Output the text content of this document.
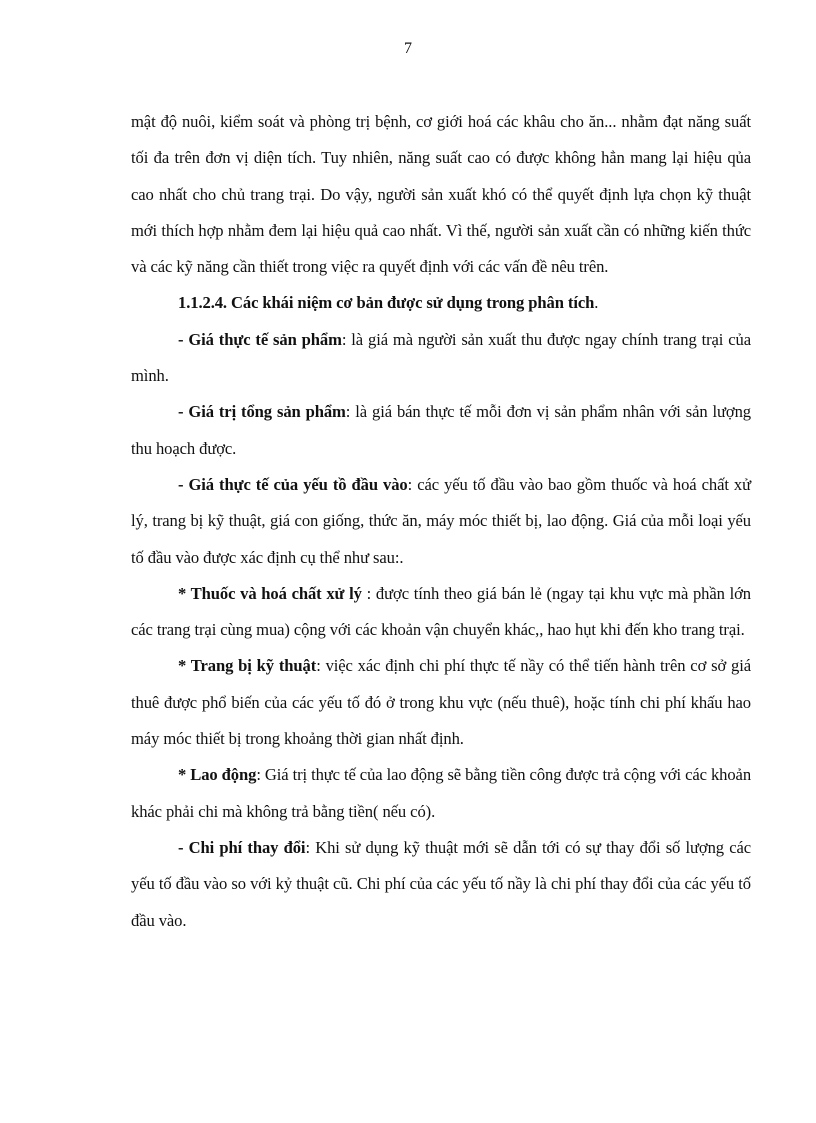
7

mật độ nuôi, kiểm soát và phòng trị bệnh, cơ giới hoá các khâu cho ăn... nhằm đạt năng suất tối đa trên đơn vị diện tích. Tuy nhiên, năng suất cao có được không hẳn mang lại hiệu qủa cao nhất cho chủ trang trại. Do vậy, người sản xuất khó có thể quyết định lựa chọn kỹ thuật mới thích hợp nhằm đem lại hiệu quả cao nhất. Vì thế, người sản xuất cần có những kiến thức và các kỹ năng cần thiết trong việc ra quyết định với các vấn đề nêu trên.

1.1.2.4. Các khái niệm cơ bản được sử dụng trong phân tích.

- Giá thực tế sản phẩm: là giá mà người sản xuất thu được ngay chính trang trại của mình.

- Giá trị tổng sản phẩm: là giá bán thực tế mỗi đơn vị sản phẩm nhân với sản lượng thu hoạch được.

- Giá thực tế của yếu tồ đầu vào: các yếu tố đầu vào bao gồm thuốc và hoá chất xử lý, trang bị kỹ thuật, giá con giống, thức ăn, máy móc thiết bị, lao động. Giá của mỗi loại yếu tố đầu vào được xác định cụ thể như sau:.

* Thuốc và hoá chất xử lý : được tính theo giá bán lẻ (ngay tại khu vực mà phần lớn các trang trại cùng mua) cộng với các khoản vận chuyển khác,, hao hụt khi đến kho trang trại.

* Trang bị kỹ thuật: việc xác định chi phí thực tế nầy có thể tiến hành trên cơ sở giá thuê được phổ biến của các yếu tố đó ở trong khu vực (nếu thuê), hoặc tính chi phí khấu hao máy móc thiết bị trong khoảng thời gian nhất định.

* Lao động: Giá trị thực tế của lao động sẽ bằng tiền công được trả cộng với các khoản khác phải chi mà không trả bằng tiền( nếu có).

- Chi phí thay đổi: Khi sử dụng kỹ thuật mới sẽ dẫn tới có sự thay đổi số lượng các yếu tố đầu vào so với kỷ thuật cũ. Chi phí của các yếu tố nầy là chi phí thay đổi của các yếu tố đầu vào.
